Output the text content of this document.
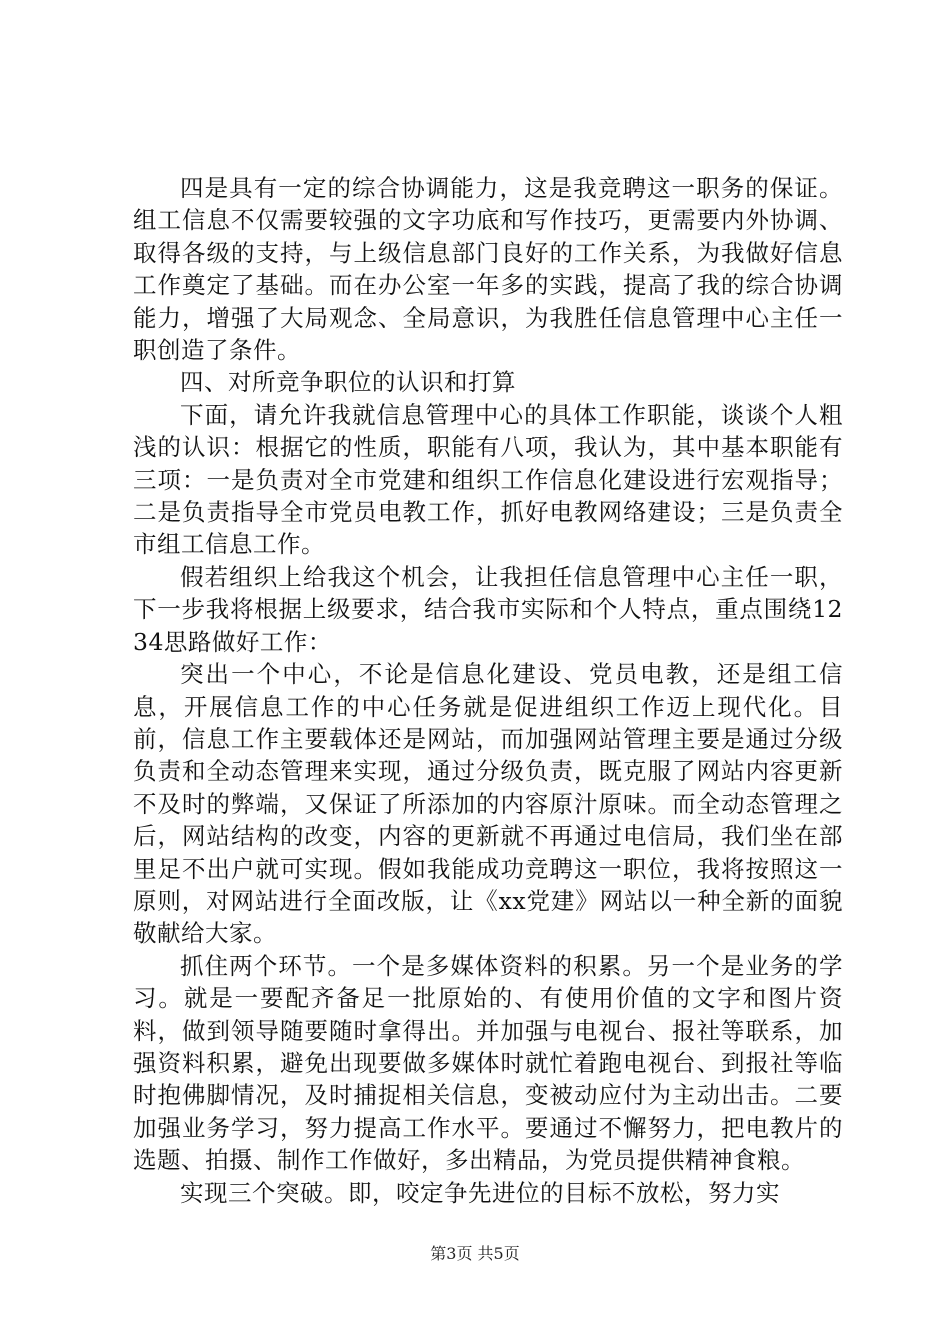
四是具有一定的综合协调能力，这是我竞聘这一职务的保证。组工信息不仅需要较强的文字功底和写作技巧，更需要内外协调、取得各级的支持，与上级信息部门良好的工作关系，为我做好信息工作奠定了基础。而在办公室一年多的实践，提高了我的综合协调能力，增强了大局观念、全局意识，为我胜任信息管理中心主任一职创造了条件。

四、对所竞争职位的认识和打算

下面，请允许我就信息管理中心的具体工作职能，谈谈个人粗浅的认识：根据它的性质，职能有八项，我认为，其中基本职能有三项：一是负责对全市党建和组织工作信息化建设进行宏观指导；二是负责指导全市党员电教工作，抓好电教网络建设；三是负责全市组工信息工作。

假若组织上给我这个机会，让我担任信息管理中心主任一职，下一步我将根据上级要求，结合我市实际和个人特点，重点围绕1234思路做好工作：

突出一个中心，不论是信息化建设、党员电教，还是组工信息，开展信息工作的中心任务就是促进组织工作迈上现代化。目前，信息工作主要载体还是网站，而加强网站管理主要是通过分级负责和全动态管理来实现，通过分级负责，既克服了网站内容更新不及时的弊端，又保证了所添加的内容原汁原味。而全动态管理之后，网站结构的改变，内容的更新就不再通过电信局，我们坐在部里足不出户就可实现。假如我能成功竞聘这一职位，我将按照这一原则，对网站进行全面改版，让《xx党建》网站以一种全新的面貌敬献给大家。

抓住两个环节。一个是多媒体资料的积累。另一个是业务的学习。就是一要配齐备足一批原始的、有使用价值的文字和图片资料，做到领导随要随时拿得出。并加强与电视台、报社等联系，加强资料积累，避免出现要做多媒体时就忙着跑电视台、到报社等临时抱佛脚情况，及时捕捉相关信息，变被动应付为主动出击。二要加强业务学习，努力提高工作水平。要通过不懈努力，把电教片的选题、拍摄、制作工作做好，多出精品，为党员提供精神食粮。

实现三个突破。即，咬定争先进位的目标不放松，努力实

第3页 共5页
